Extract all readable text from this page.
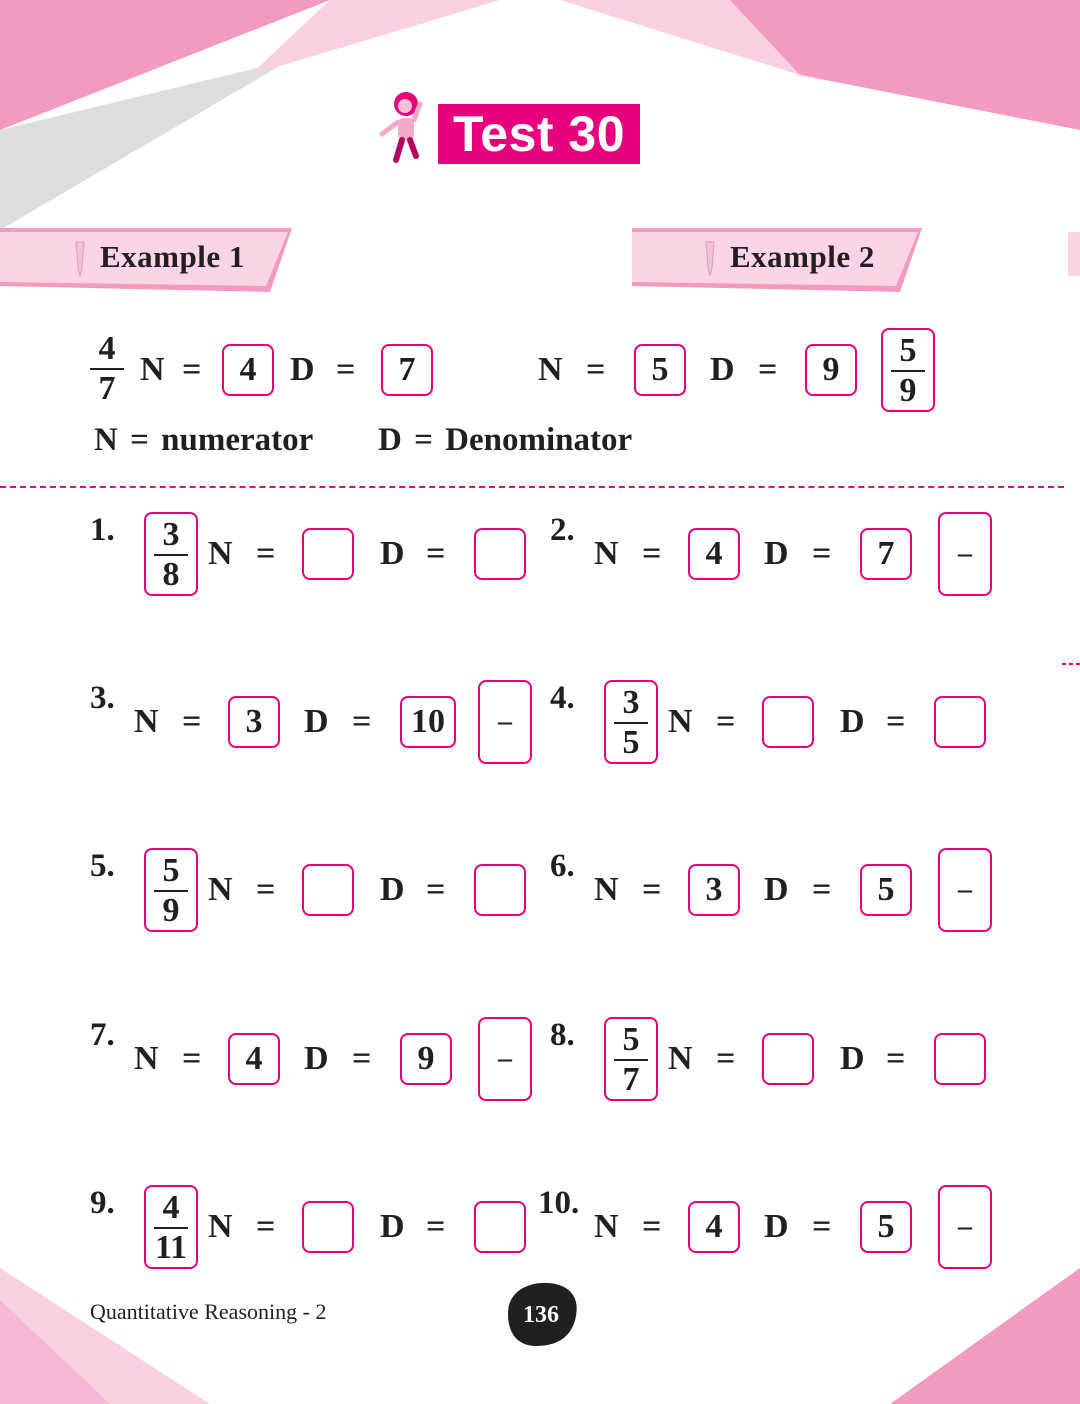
Test 30
Example 1	Example 2
4
7
N =	4 D =	7	N =	5	D =	9
5
9
N = numerator D = Denominator
1.	3
8
N =	D =
2.
N =	4	D =	7	–
3.
N =	3	D =	10	–
4.	3
5
N =	D =
5.	5
9
N =	D =
6.
N =	3	D =	5	–
7.
N =	4	D =	9	–
8.	5
7
N =	D =
9.	4
11
N =	D =
10.
N =	4	D =	5	–
Quantitative Reasoning - 2	136
